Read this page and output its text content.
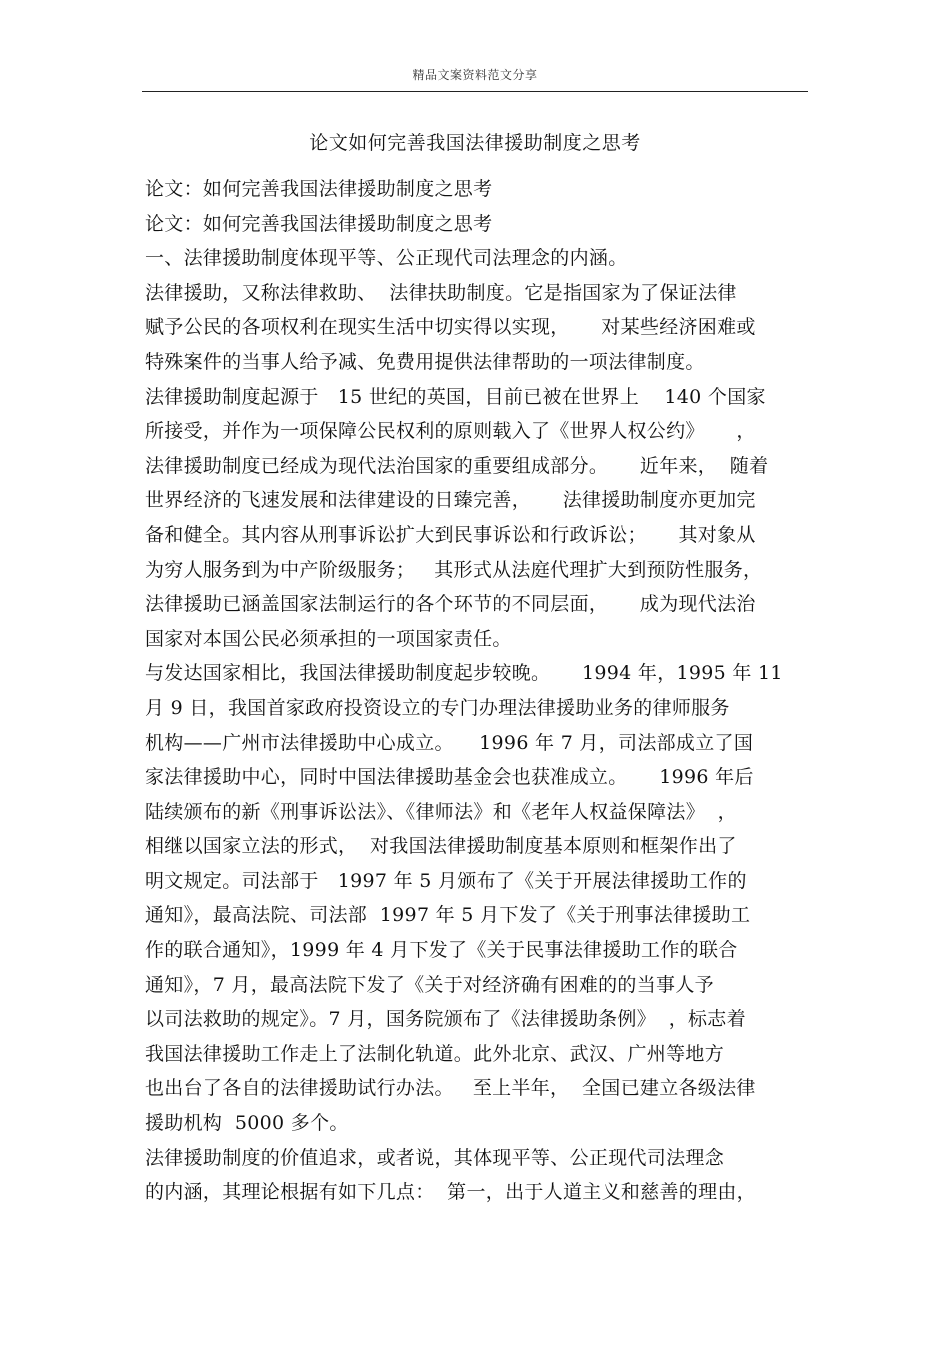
精品文案资料范文分享
论文如何完善我国法律援助制度之思考
论文：如何完善我国法律援助制度之思考
论文：如何完善我国法律援助制度之思考
一、法律援助制度体现平等、公正现代司法理念的内涵。
法律援助，又称法律救助、  法律扶助制度。它是指国家为了保证法律
赋予公民的各项权利在现实生活中切实得以实现，     对某些经济困难或
特殊案件的当事人给予减、免费用提供法律帮助的一项法律制度。
法律援助制度起源于   15 世纪的英国，目前已被在世界上    140 个国家
所接受，并作为一项保障公民权利的原则载入了《世界人权公约》     ，
法律援助制度已经成为现代法治国家的重要组成部分。     近年来，  随着
世界经济的飞速发展和法律建设的日臻完善，     法律援助制度亦更加完
备和健全。其内容从刑事诉讼扩大到民事诉讼和行政诉讼；     其对象从
为穷人服务到为中产阶级服务；   其形式从法庭代理扩大到预防性服务，
法律援助已涵盖国家法制运行的各个环节的不同层面，     成为现代法治
国家对本国公民必须承担的一项国家责任。
与发达国家相比，我国法律援助制度起步较晚。     1994 年，1995 年 11
月 9 日，我国首家政府投资设立的专门办理法律援助业务的律师服务
机构——广州市法律援助中心成立。    1996 年 7 月，司法部成立了国
家法律援助中心，同时中国法律援助基金会也获准成立。     1996 年后
陆续颁布的新《刑事诉讼法》、《律师法》和《老年人权益保障法》  ，
相继以国家立法的形式，  对我国法律援助制度基本原则和框架作出了
明文规定。司法部于   1997 年 5 月颁布了《关于开展法律援助工作的
通知》，最高法院、司法部  1997 年 5 月下发了《关于刑事法律援助工
作的联合通知》，1999 年 4 月下发了《关于民事法律援助工作的联合
通知》，7 月，最高法院下发了《关于对经济确有困难的的当事人予
以司法救助的规定》。7 月，国务院颁布了《法律援助条例》  ，标志着
我国法律援助工作走上了法制化轨道。此外北京、武汉、广州等地方
也出台了各自的法律援助试行办法。   至上半年，  全国已建立各级法律
援助机构  5000 多个。
法律援助制度的价值追求，或者说，其体现平等、公正现代司法理念
的内涵，其理论根据有如下几点：  第一，出于人道主义和慈善的理由，
